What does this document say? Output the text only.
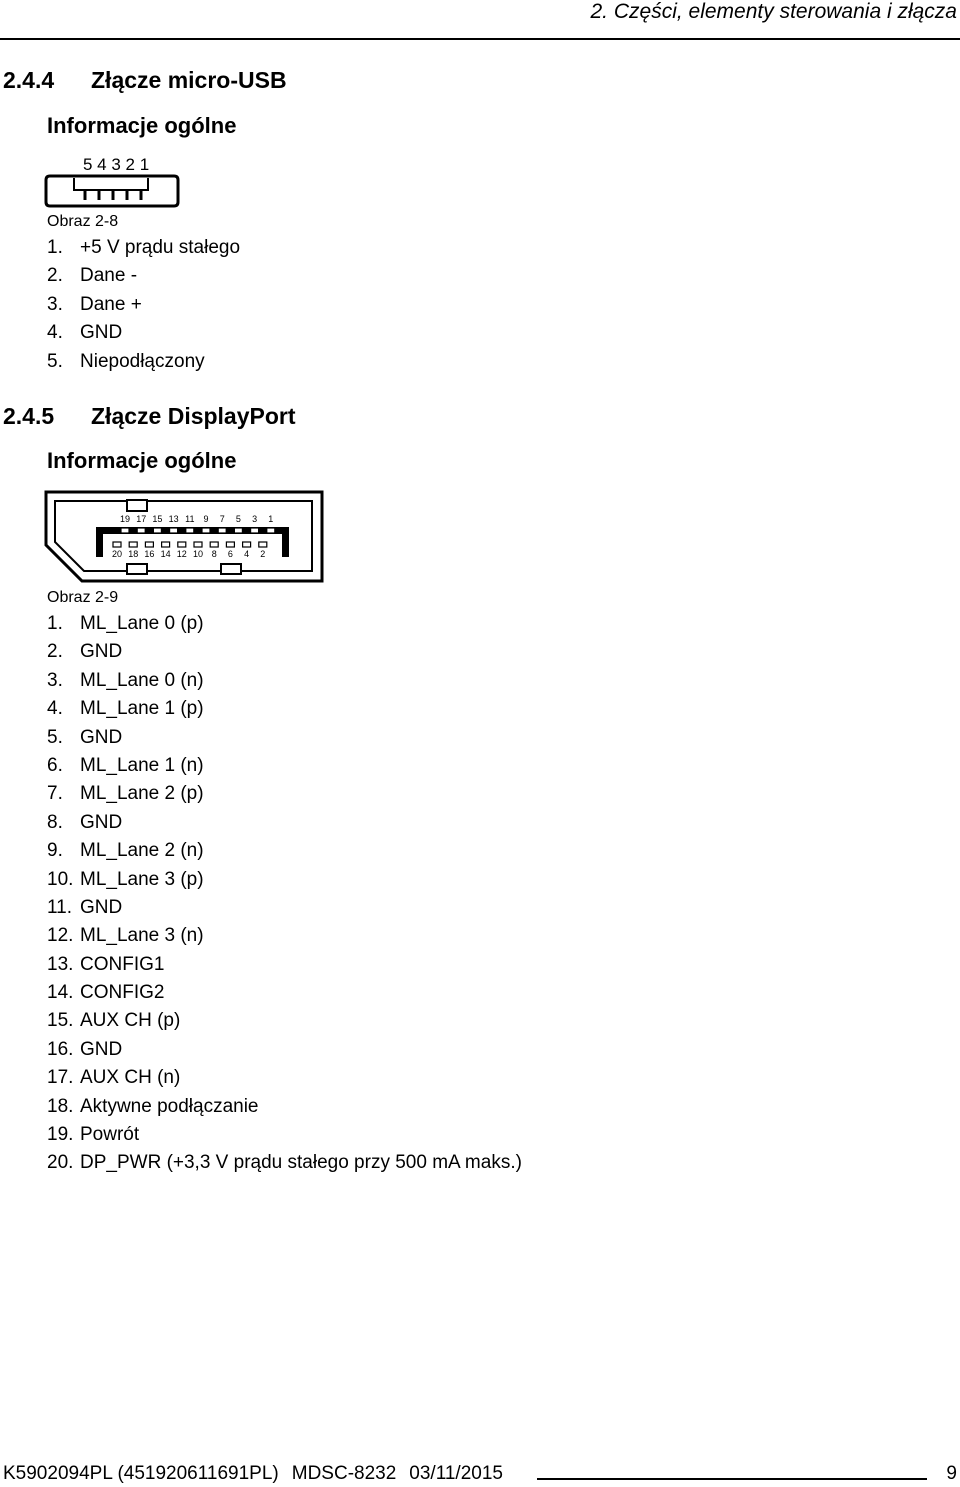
2. Części, elementy sterowania i złącza
2.4.4 Złącze micro-USB
Informacje ogólne
5 4 3 2 1
Obraz 2-8
1. +5 V prądu stałego
2. Dane -
3. Dane +
4. GND
5. Niepodłączony
2.4.5 Złącze DisplayPort
Informacje ogólne
19 17 15 13 11 9 7 5 3 1
20 18 16 14 12 10 8 6 4 2
Obraz 2-9
1. ML_Lane 0 (p)
2. GND
3. ML_Lane 0 (n)
4. ML_Lane 1 (p)
5. GND
6. ML_Lane 1 (n)
7. ML_Lane 2 (p)
8. GND
9. ML_Lane 2 (n)
10. ML_Lane 3 (p)
11. GND
12. ML_Lane 3 (n)
13. CONFIG1
14. CONFIG2
15. AUX CH (p)
16. GND
17. AUX CH (n)
18. Aktywne podłączanie
19. Powrót
20. DP_PWR (+3,3 V prądu stałego przy 500 mA maks.)
K5902094PL (451920611691PL) MDSC-8232 03/11/2015	9
